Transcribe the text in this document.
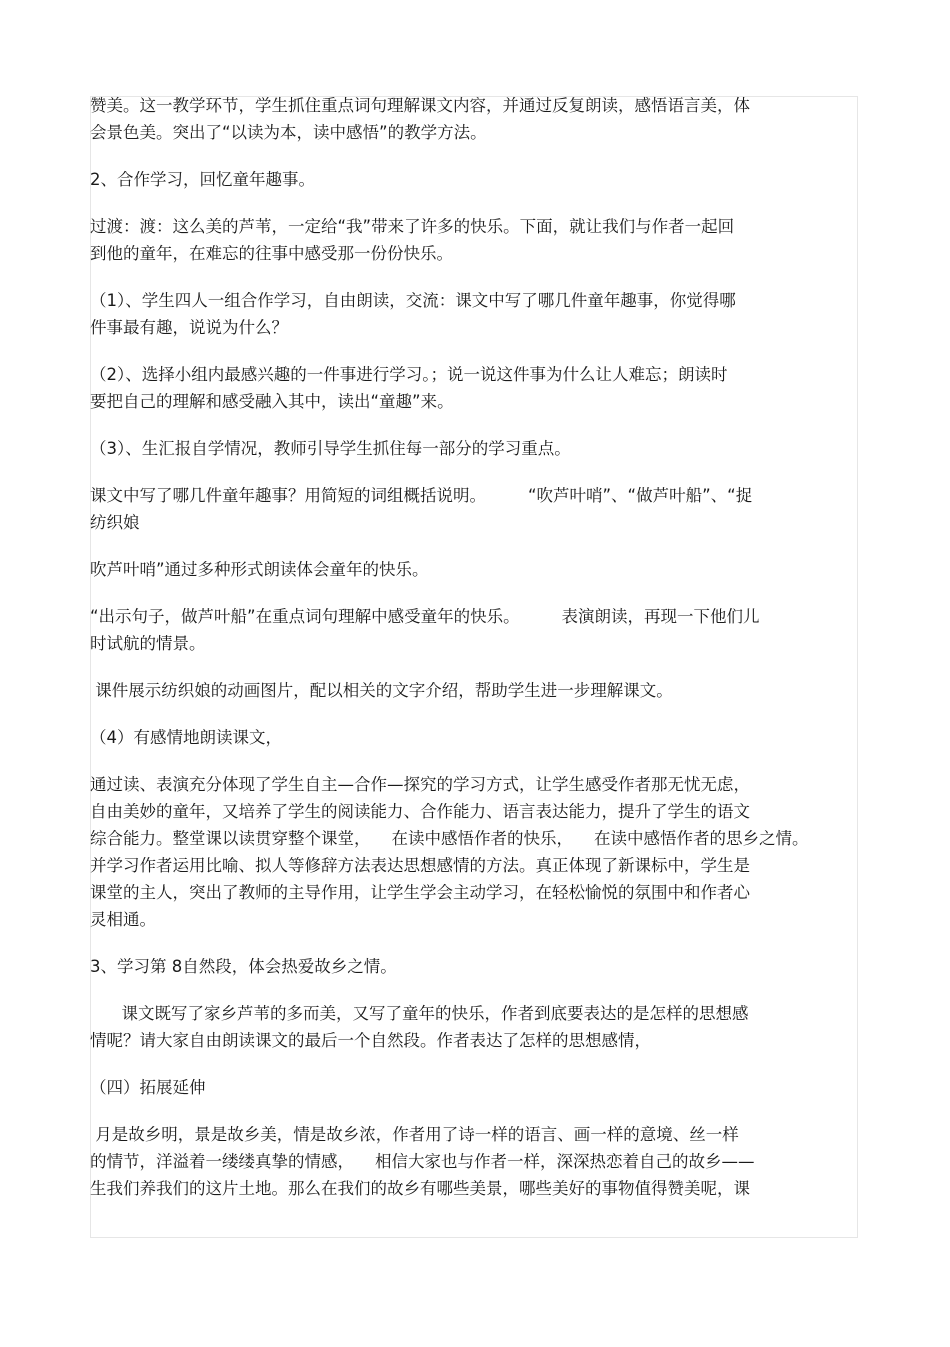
赞美。这一教学环节，学生抓住重点词句理解课文内容，并通过反复朗读，感悟语言美，体

会景色美。突出了“以读为本，读中感悟”的教学方法。

2、合作学习，回忆童年趣事。

过渡：渡：这么美的芦苇，一定给“我”带来了许多的快乐。下面，就让我们与作者一起回

到他的童年，在难忘的往事中感受那一份份快乐。

（1）、学生四人一组合作学习，自由朗读，交流：课文中写了哪几件童年趣事，你觉得哪

件事最有趣，说说为什么？

（2）、选择小组内最感兴趣的一件事进行学习。；说一说这件事为什么让人难忘；朗读时

要把自己的理解和感受融入其中，读出“童趣”来。

（3）、生汇报自学情况，教师引导学生抓住每一部分的学习重点。

课文中写了哪几件童年趣事？用简短的词组概括说明。        “吹芦叶哨”、“做芦叶船”、“捉

纺织娘

吹芦叶哨”通过多种形式朗读体会童年的快乐。

“出示句子，做芦叶船”在重点词句理解中感受童年的快乐。        表演朗读，再现一下他们儿

时试航的情景。

课件展示纺织娘的动画图片，配以相关的文字介绍，帮助学生进一步理解课文。

（4）有感情地朗读课文，

通过读、表演充分体现了学生自主—合作—探究的学习方式，让学生感受作者那无忧无虑，

自由美妙的童年，又培养了学生的阅读能力、合作能力、语言表达能力，提升了学生的语文

综合能力。整堂课以读贯穿整个课堂，    在读中感悟作者的快乐，    在读中感悟作者的思乡之情。

并学习作者运用比喻、拟人等修辞方法表达思想感情的方法。真正体现了新课标中，学生是

课堂的主人，突出了教师的主导作用，让学生学会主动学习，在轻松愉悦的氛围中和作者心

灵相通。

3、学习第 8自然段，体会热爱故乡之情。

课文既写了家乡芦苇的多而美，又写了童年的快乐，作者到底要表达的是怎样的思想感

情呢？请大家自由朗读课文的最后一个自然段。作者表达了怎样的思想感情，

（四）拓展延伸

月是故乡明，景是故乡美，情是故乡浓，作者用了诗一样的语言、画一样的意境、丝一样

的情节，洋溢着一缕缕真挚的情感，    相信大家也与作者一样，深深热恋着自己的故乡——

生我们养我们的这片土地。那么在我们的故乡有哪些美景，哪些美好的事物值得赞美呢，课
